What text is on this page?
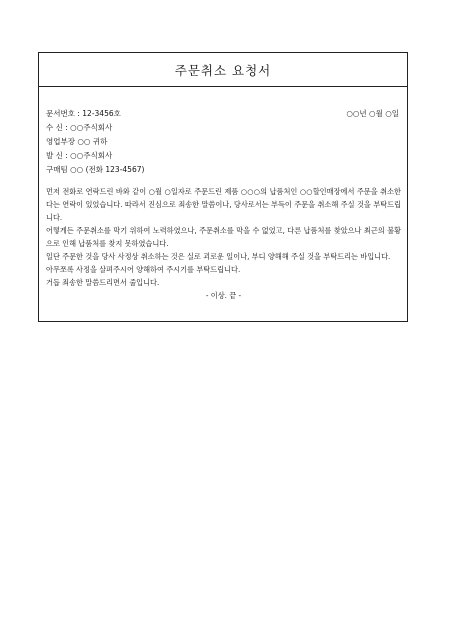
주문취소 요청서
문서번호 : 12-3456호	○○년 ○월 ○일
수 신 : ○○주식회사
영업부장 ○○ 귀하
발 신 : ○○주식회사
구매팀 ○○ (전화 123-4567)

먼저 전화로 연락드린 바와 같이 ○월 ○일자로 주문드린 제품 ○○○의 납품처인 ○○할인매장에서 주문을 취소한다는 연락이 있었습니다. 따라서 진심으로 죄송한 말씀이나, 당사로서는 부득이 주문을 취소해 주실 것을 부탁드립니다.

어떻게든 주문취소를 막기 위하여 노력하였으나, 주문취소를 막을 수 없었고, 다른 납품처를 찾았으나 최근의 불황으로 인해 납품처를 찾지 못하였습니다.

일단 주문한 것을 당사 사정상 취소하는 것은 실로 괴로운 일이나, 부디 양해해 주실 것을 부탁드리는 바입니다.

아무쪼록 사정을 살펴주시어 양해하여 주시기를 부탁드립니다.

거듭 죄송한 말씀드리면서 줄입니다.

- 이상. 끝 -
